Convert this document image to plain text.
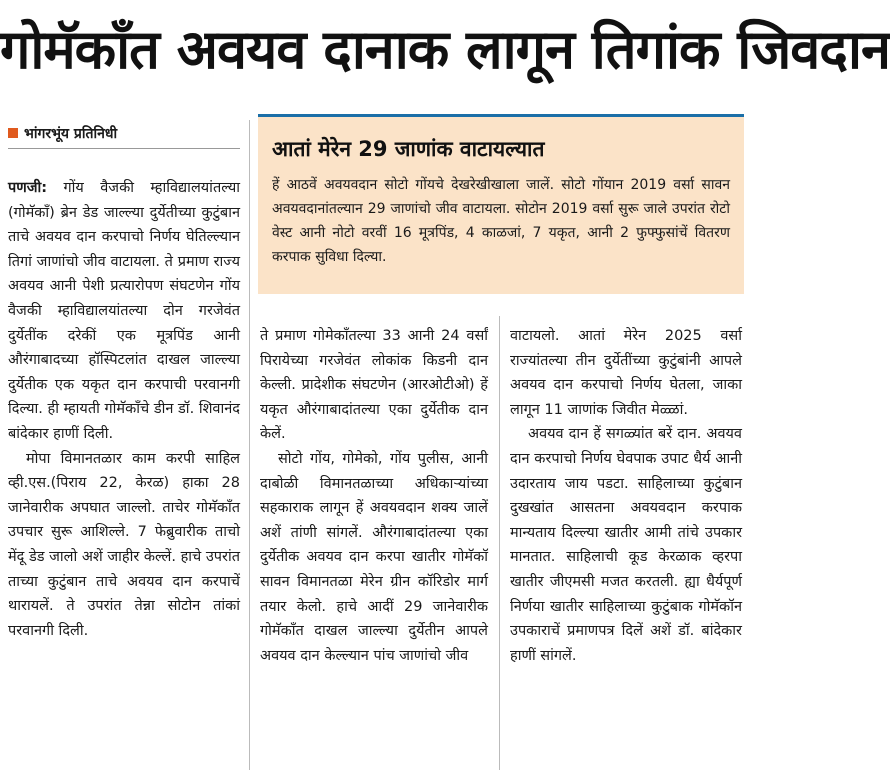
गोमॅकाँत अवयव दानाक लागून तिगांक जिवदान
भांगरभूंय प्रतिनिधी

पणजी: गोंय वैजकी म्हाविद्यालयांतल्या (गोमॅकाँ) ब्रेन डेड जाल्ल्या दुर्येतीच्या कुटुंबान ताचे अवयव दान करपाचो निर्णय घेतिल्ल्यान तिगां जाणांचो जीव वाटायला. ते प्रमाण राज्य अवयव आनी पेशी प्रत्यारोपण संघटणेन गोंय वैजकी म्हाविद्यालयांतल्या दोन गरजेवंत दुर्येतींक दरेकीं एक मूत्रपिंड आनी औरंगाबादच्या हॉस्पिटलांत दाखल जाल्ल्या दुर्येतीक एक यकृत दान करपाची परवानगी दिल्या. ही म्हायती गोमॅकाँचे डीन डॉ. शिवानंद बांदेकार हाणीं दिली.

मोपा विमानतळार काम करपी साहिल व्ही.एस.(पिराय 22, केरळ) हाका 28 जानेवारीक अपघात जाल्लो. ताचेर गोमॅकाँत उपचार सुरू आशिल्ले. 7 फेब्रुवारीक ताचो मेंदू डेड जालो अशें जाहीर केल्लें. हाचे उपरांत ताच्या कुटुंबान ताचे अवयव दान करपाचें थारायलें. ते उपरांत तेन्ना सोटोन तांकां परवानगी दिली.

आतां मेरेन 29 जाणांक वाटायल्यात

हें आठवें अवयवदान सोटो गोंयचे देखरेखीखाला जालें. सोटो गोंयान 2019 वर्सा सावन अवयवदानांतल्यान 29 जाणांचो जीव वाटायला. सोटोन 2019 वर्सा सुरू जाले उपरांत रोटो वेस्ट आनी नोटो वरवीं 16 मूत्रपिंड, 4 काळजां, 7 यकृत, आनी 2 फुफ्फुसांचें वितरण करपाक सुविधा दिल्या.

ते प्रमाण गोमेकॉंतल्या 33 आनी 24 वर्सां पिरायेच्या गरजेवंत लोकांक किडनी दान केल्ली. प्रादेशीक संघटणेन (आरओटीओ) हें यकृत औरंगाबादांतल्या एका दुर्येतीक दान केलें.

सोटो गोंय, गोमेको, गोंय पुलीस, आनी दाबोळी विमानतळाच्या अधिकाऱ्यांच्या सहकाराक लागून हें अवयवदान शक्य जालें अशें तांणी सांगलें. औरंगाबादांतल्या एका दुर्येतीक अवयव दान करपा खातीर गोमॅकॉ सावन विमानतळा मेरेन ग्रीन कॉरिडोर मार्ग तयार केलो. हाचे आदीं 29 जानेवारीक गोमॅकाँत दाखल जाल्ल्या दुर्येतीन आपले अवयव दान केल्ल्यान पांच जाणांचो जीव

वाटायलो. आतां मेरेन 2025 वर्सा राज्यांतल्या तीन दुर्येतींच्या कुटुंबांनी आपले अवयव दान करपाचो निर्णय घेतला, जाका लागून 11 जाणांक जिवीत मेळ्ळां.

अवयव दान हें सगळ्यांत बरें दान. अवयव दान करपाचो निर्णय घेवपाक उपाट धैर्य आनी उदारताय जाय पडटा. साहिलाच्या कुटुंबान दुखखांत आसतना अवयवदान करपाक मान्यताय दिल्ल्या खातीर आमी तांचे उपकार मानतात. साहिलाची कूड केरळाक व्हरपा खातीर जीएमसी मजत करतली. ह्या धैर्यपूर्ण निर्णया खातीर साहिलाच्या कुटुंबाक गोमॅकॉन उपकाराचें प्रमाणपत्र दिलें अशें डॉ. बांदेकार हाणीं सांगलें.
